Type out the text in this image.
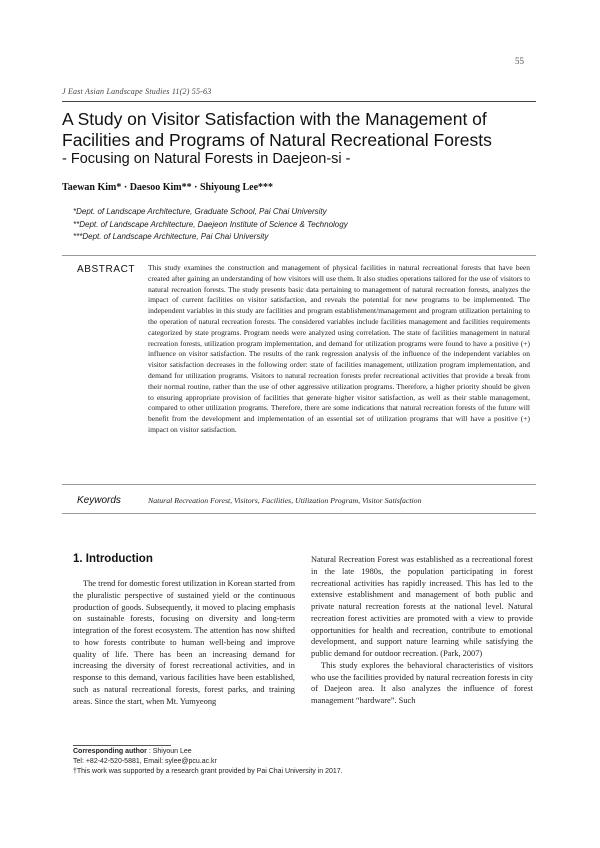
55
J East Asian Landscape Studies 11(2) 55-63
A Study on Visitor Satisfaction with the Management of Facilities and Programs of Natural Recreational Forests
- Focusing on Natural Forests in Daejeon-si -
Taewan Kim* · Daesoo Kim** · Shiyoung Lee***
*Dept. of Landscape Architecture, Graduate School, Pai Chai University
**Dept. of Landscape Architecture, Daejeon Institute of Science & Technology
***Dept. of Landscape Architecture, Pai Chai University
ABSTRACT This study examines the construction and management of physical facilities in natural recreational forests that have been created after gaining an understanding of how visitors will use them. It also studies operations tailored for the use of visitors to natural recreation forests. The study presents basic data pertaining to management of natural recreation forests, analyzes the impact of current facilities on visitor satisfaction, and reveals the potential for new programs to be implemented. The independent variables in this study are facilities and program establishment/management and program utilization pertaining to the operation of natural recreation forests. The considered variables include facilities management and facilities requirements categorized by state programs. Program needs were analyzed using correlation. The state of facilities management in natural recreation forests, utilization program implementation, and demand for utilization programs were found to have a positive (+) influence on visitor satisfaction. The results of the rank regression analysis of the influence of the independent variables on visitor satisfaction decreases in the following order: state of facilities management, utilization program implementation, and demand for utilization programs. Visitors to natural recreation forests prefer recreational activities that provide a break from their normal routine, rather than the use of other aggressive utilization programs. Therefore, a higher priority should be given to ensuring appropriate provision of facilities that generate higher visitor satisfaction, as well as their stable management, compared to other utilization programs. Therefore, there are some indications that natural recreation forests of the future will benefit from the development and implementation of an essential set of utilization programs that will have a positive (+) impact on visitor satisfaction.

Keywords	Natural Recreation Forest, Visitors, Facilities, Utilization Program, Visitor Satisfaction
1. Introduction

The trend for domestic forest utilization in Korean started from the pluralistic perspective of sustained yield or the continuous production of goods. Subsequently, it moved to placing emphasis on sustainable forests, focusing on diversity and long-term integration of the forest ecosystem. The attention has now shifted to how forests contribute to human well-being and improve quality of life. There has been an increasing demand for increasing the diversity of forest recreational activities, and in response to this demand, various facilities have been established, such as natural recreational forests, forest parks, and training areas. Since the start, when Mt. Yumyeong

Natural Recreation Forest was established as a recreational forest in the late 1980s, the population participating in forest recreational activities has rapidly increased. This has led to the extensive establishment and management of both public and private natural recreation forests at the national level. Natural recreation forest activities are promoted with a view to provide opportunities for health and recreation, contribute to emotional development, and support nature learning while satisfying the public demand for outdoor recreation. (Park, 2007)

This study explores the behavioral characteristics of visitors who use the facilities provided by natural recreation forests in city of Daejeon area. It also analyzes the influence of forest management “hardware”. Such

Corresponding author : Shiyoun Lee
Tel: +82-42-520-5881, Email: sylee@pcu.ac.kr
†This work was supported by a research grant provided by Pai Chai University in 2017.
